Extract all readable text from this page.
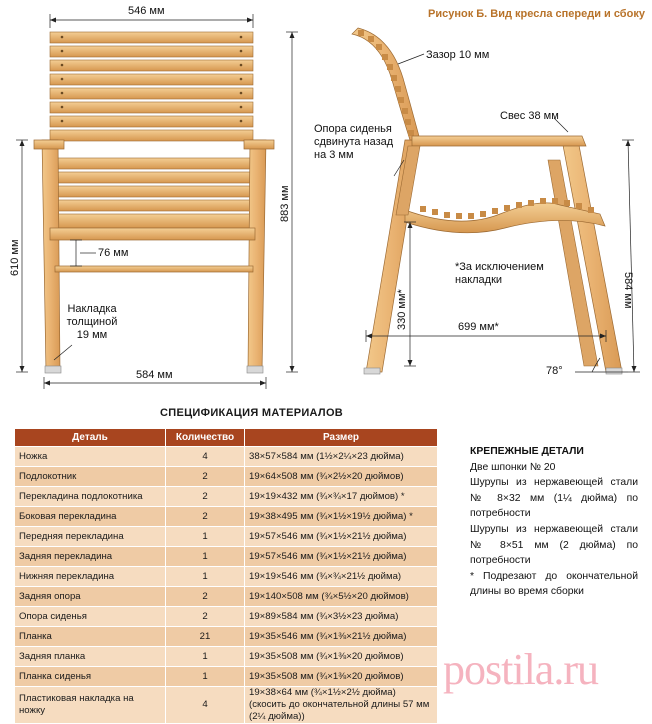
Рисунок Б. Вид кресла спереди и сбоку
546 мм
584 мм
883 мм
610 мм	76 мм
Накладка
толщиной
19 мм
Зазор 10 мм
Свес 38 мм
Опора сиденья
сдвинута назад
на 3 мм
*За исключением
накладки
699 мм*
330 мм*	584 мм
78°
СПЕЦИФИКАЦИЯ МАТЕРИАЛОВ
Деталь	Количество	Размер
Ножка	4	38×57×584 мм (1½×2¼×23 дюйма)
Подлокотник	2	19×64×508 мм (¾×2½×20 дюймов)
Перекладина подлокотника	2	19×19×432 мм (¾×¾×17 дюймов) *
Боковая перекладина	2	19×38×495 мм (¾×1½×19½ дюйма) *
Передняя перекладина	1	19×57×546 мм (¾×1½×21½ дюйма)
Задняя перекладина	1	19×57×546 мм (¾×1½×21½ дюйма)
Нижняя перекладина	1	19×19×546 мм (¾×¾×21½ дюйма)
Задняя опора	2	19×140×508 мм (¾×5½×20 дюймов)
Опора сиденья	2	19×89×584 мм (¾×3½×23 дюйма)
Планка	21	19×35×546 мм (¾×1⅜×21½ дюйма)
Задняя планка	1	19×35×508 мм (¾×1⅜×20 дюймов)
Планка сиденья	1	19×35×508 мм (¾×1⅜×20 дюймов)
Пластиковая накладка на ножку	4	19×38×64 мм (¾×1½×2½ дюйма) (скосить до окончательной длины 57 мм (2¼ дюйма))
КРЕПЕЖНЫЕ ДЕТАЛИ

Две шпонки № 20

Шурупы из нержавеющей стали № 8×32 мм (1¼ дюйма) по потребности

Шурупы из нержавеющей стали № 8×51 мм (2 дюйма) по потребности

* Подрезают до окончательной длины во время сборки

postila.ru
